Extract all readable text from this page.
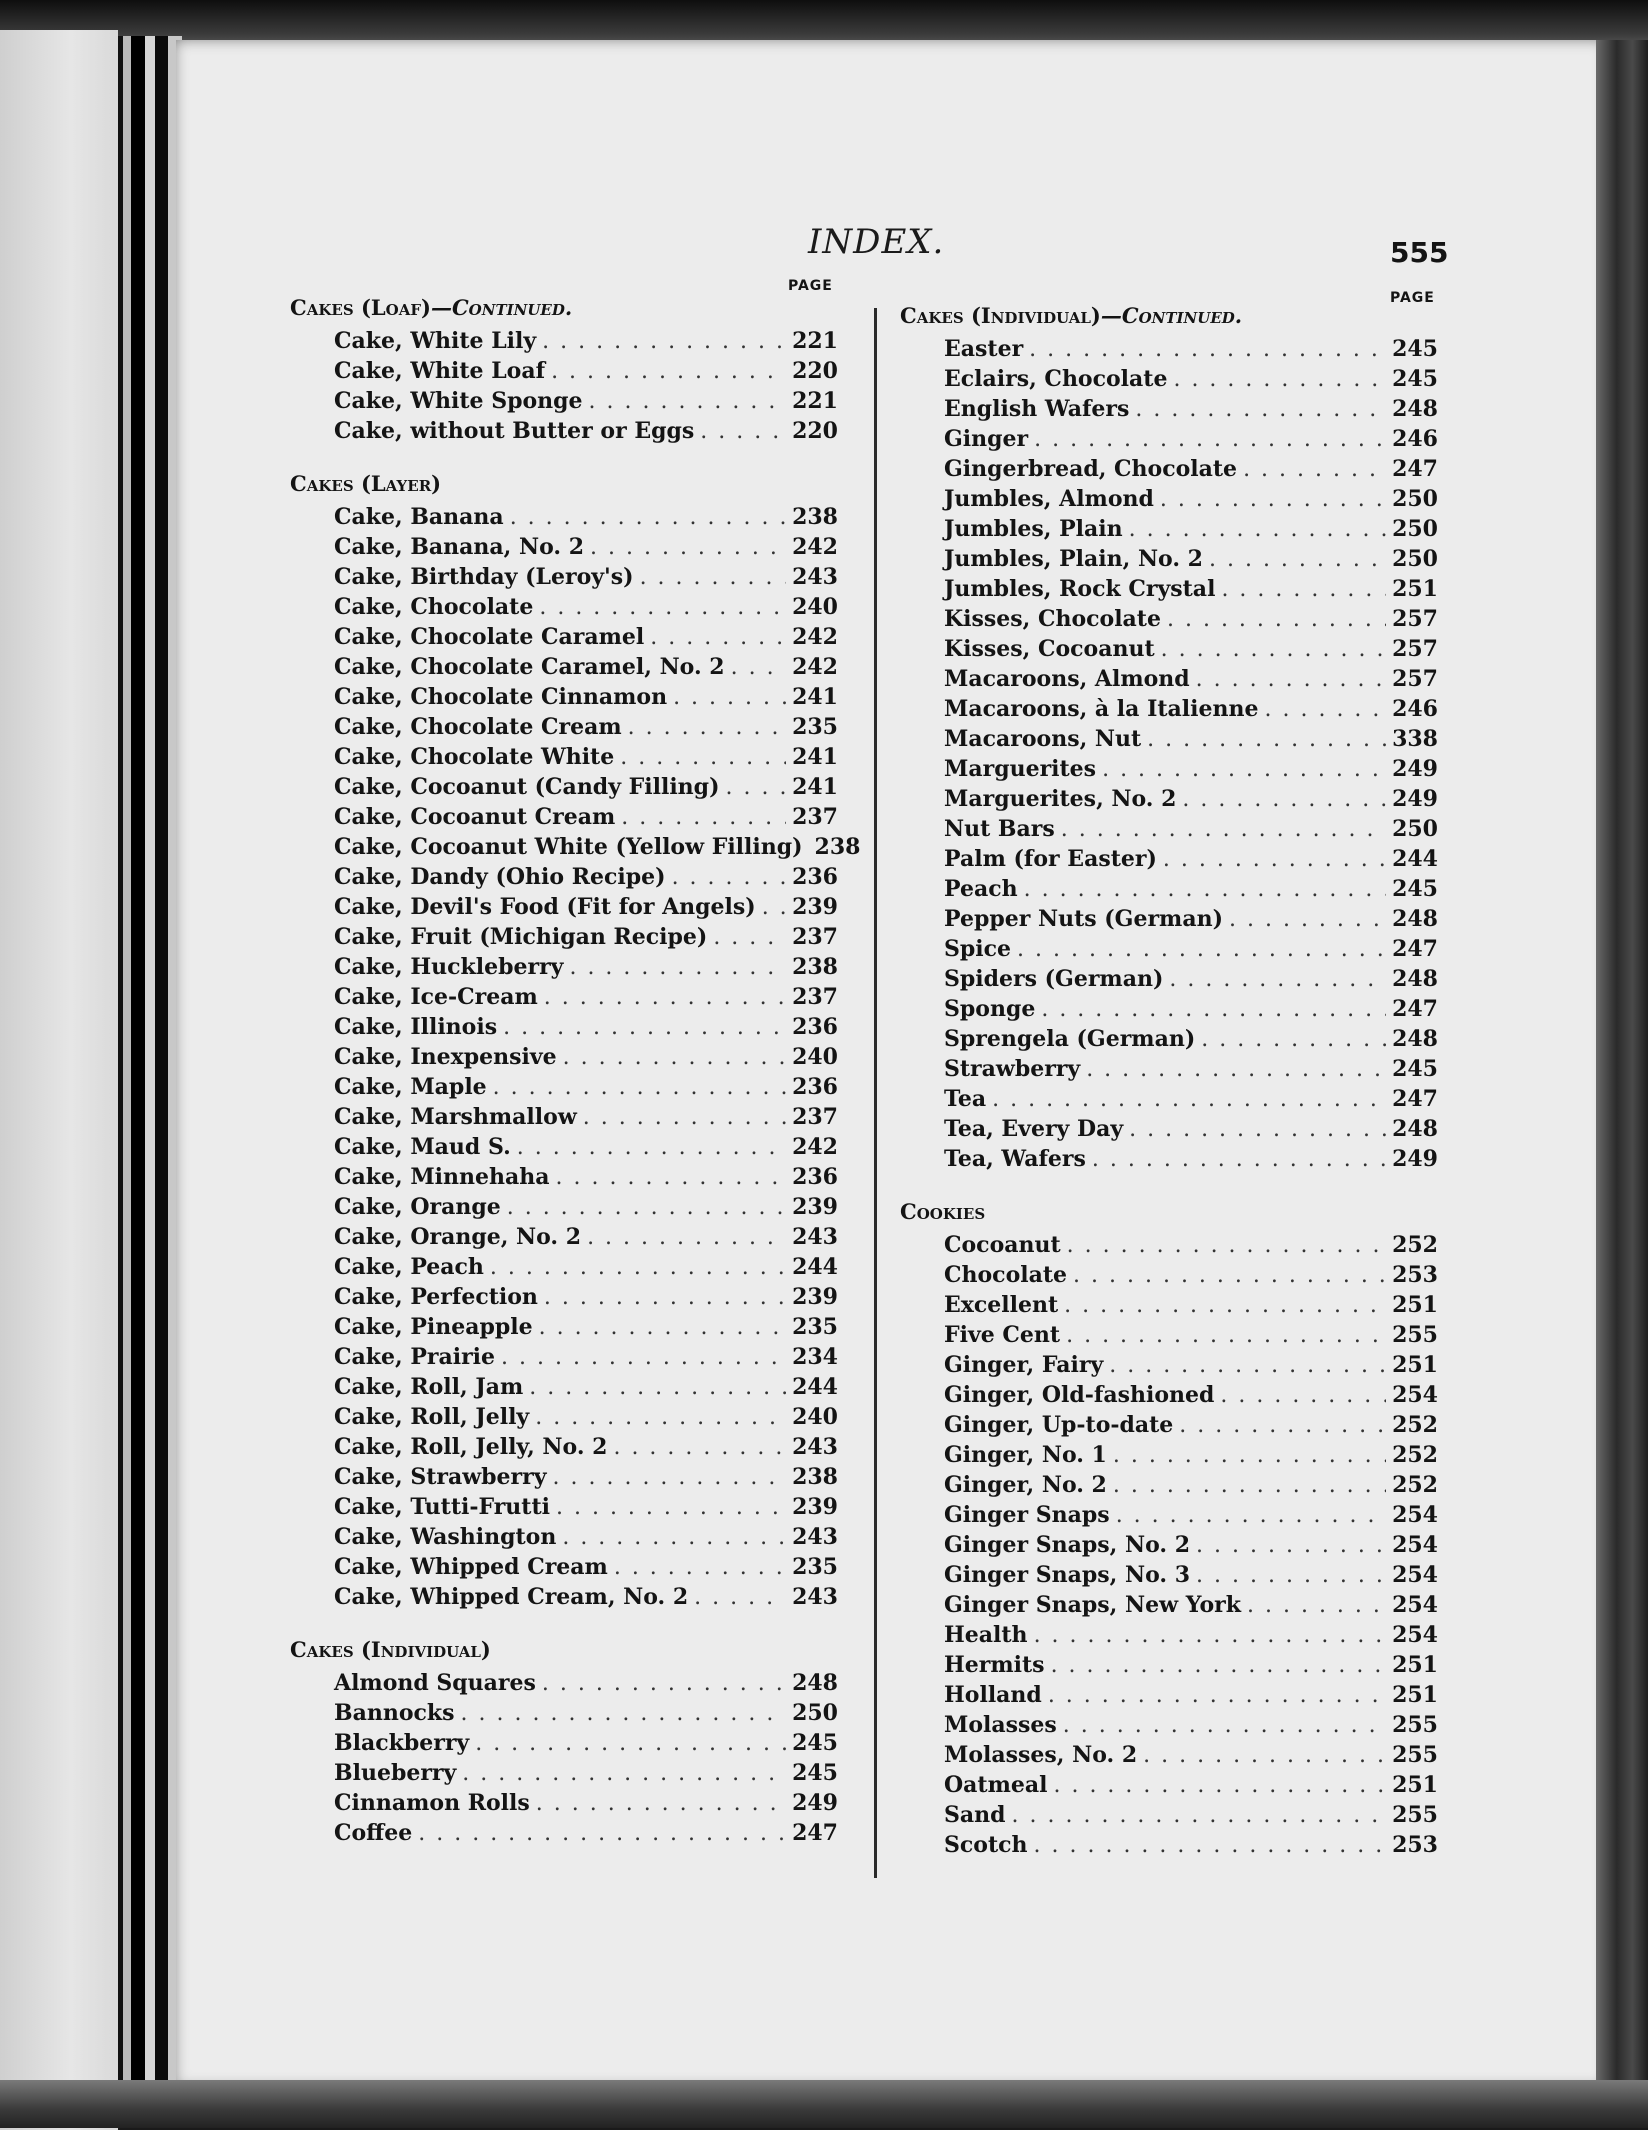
INDEX.	555
PAGE
PAGE
Cakes (Loaf)—Continued.
Cake, White Lily . . .	221
Cake, White Loaf . . .	220
Cake, White Sponge . . .	221
Cake, without Butter or Eggs . . .	220
Cakes (Layer)
Cake, Banana . . .	238
Cake, Banana, No. 2 . . .	242
Cake, Birthday (Leroy's) . . .	243
Cake, Chocolate . . .	240
Cake, Chocolate Caramel . . .	242
Cake, Chocolate Caramel, No. 2 . . .	242
Cake, Chocolate Cinnamon . . .	241
Cake, Chocolate Cream . . .	235
Cake, Chocolate White . . .	241
Cake, Cocoanut (Candy Filling) . . .	241
Cake, Cocoanut Cream . . .	237
Cake, Cocoanut White (Yellow Filling) 238
Cake, Dandy (Ohio Recipe) . . .	236
Cake, Devil's Food (Fit for Angels) . . . 239
Cake, Fruit (Michigan Recipe) . . .	237
Cake, Huckleberry . . .	238
Cake, Ice-Cream . . .	237
Cake, Illinois . . .	236
Cake, Inexpensive . . .	240
Cake, Maple . . .	236
Cake, Marshmallow . . .	237
Cake, Maud S. . . .	242
Cake, Minnehaha . . .	236
Cake, Orange . . .	239
Cake, Orange, No. 2 . . .	243
Cake, Peach . . .	244
Cake, Perfection . . .	239
Cake, Pineapple . . .	235
Cake, Prairie . . .	234
Cake, Roll, Jam . . .	244
Cake, Roll, Jelly . . .	240
Cake, Roll, Jelly, No. 2 . . .	243
Cake, Strawberry . . .	238
Cake, Tutti-Frutti . . .	239
Cake, Washington . . .	243
Cake, Whipped Cream . . .	235
Cake, Whipped Cream, No. 2 . . .	243
Cakes (Individual)
Almond Squares . . .	248
Bannocks . . .	250
Blackberry . . .	245
Blueberry . . .	245
Cinnamon Rolls . . .	249
Coffee . . .	247
Cakes (Individual)—Continued.
Easter . . .	245
Eclairs, Chocolate . . .	245
English Wafers . . .	248
Ginger . . .	246
Gingerbread, Chocolate . . .	247
Jumbles, Almond . . .	250
Jumbles, Plain . . .	250
Jumbles, Plain, No. 2 . . .	250
Jumbles, Rock Crystal . . .	251
Kisses, Chocolate . . .	257
Kisses, Cocoanut . . .	257
Macaroons, Almond . . .	257
Macaroons, à la Italienne . . .	246
Macaroons, Nut . . .	338
Marguerites . . .	249
Marguerites, No. 2 . . .	249
Nut Bars . . .	250
Palm (for Easter) . . .	244
Peach . . .	245
Pepper Nuts (German) . . .	248
Spice . . .	247
Spiders (German) . . .	248
Sponge . . .	247
Sprengela (German) . . .	248
Strawberry . . .	245
Tea . . .	247
Tea, Every Day . . .	248
Tea, Wafers . . .	249
Cookies
Cocoanut . . .	252
Chocolate . . .	253
Excellent . . .	251
Five Cent . . .	255
Ginger, Fairy . . .	251
Ginger, Old-fashioned . . .	254
Ginger, Up-to-date . . .	252
Ginger, No. 1 . . .	252
Ginger, No. 2 . . .	252
Ginger Snaps . . .	254
Ginger Snaps, No. 2 . . .	254
Ginger Snaps, No. 3 . . .	254
Ginger Snaps, New York . . .	254
Health . . .	254
Hermits . . .	251
Holland . . .	251
Molasses . . .	255
Molasses, No. 2 . . .	255
Oatmeal . . .	251
Sand . . .	255
Scotch . . .	253
